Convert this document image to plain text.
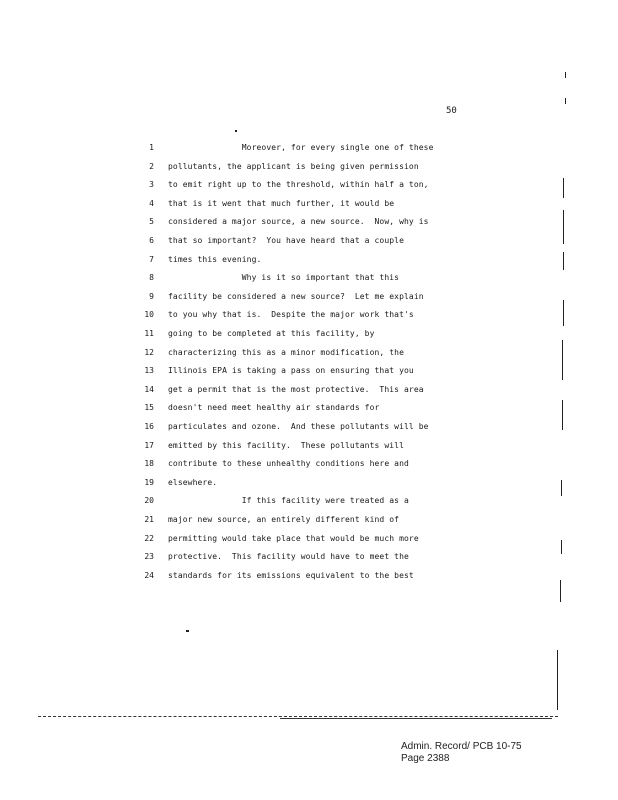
50
1 Moreover, for every single one of these
2 pollutants, the applicant is being given permission
3 to emit right up to the threshold, within half a ton,
4 that is it went that much further, it would be
5 considered a major source, a new source.  Now, why is
6 that so important?  You have heard that a couple
7 times this evening.
8 Why is it so important that this
9 facility be considered a new source?  Let me explain
10 to you why that is.  Despite the major work that's
11 going to be completed at this facility, by
12 characterizing this as a minor modification, the
13 Illinois EPA is taking a pass on ensuring that you
14 get a permit that is the most protective.  This area
15 doesn't need meet healthy air standards for
16 particulates and ozone.  And these pollutants will be
17 emitted by this facility.  These pollutants will
18 contribute to these unhealthy conditions here and
19 elsewhere.
20 If this facility were treated as a
21 major new source, an entirely different kind of
22 permitting would take place that would be much more
23 protective.  This facility would have to meet the
24 standards for its emissions equivalent to the best
Admin. Record/ PCB 10-75
Page 2388
